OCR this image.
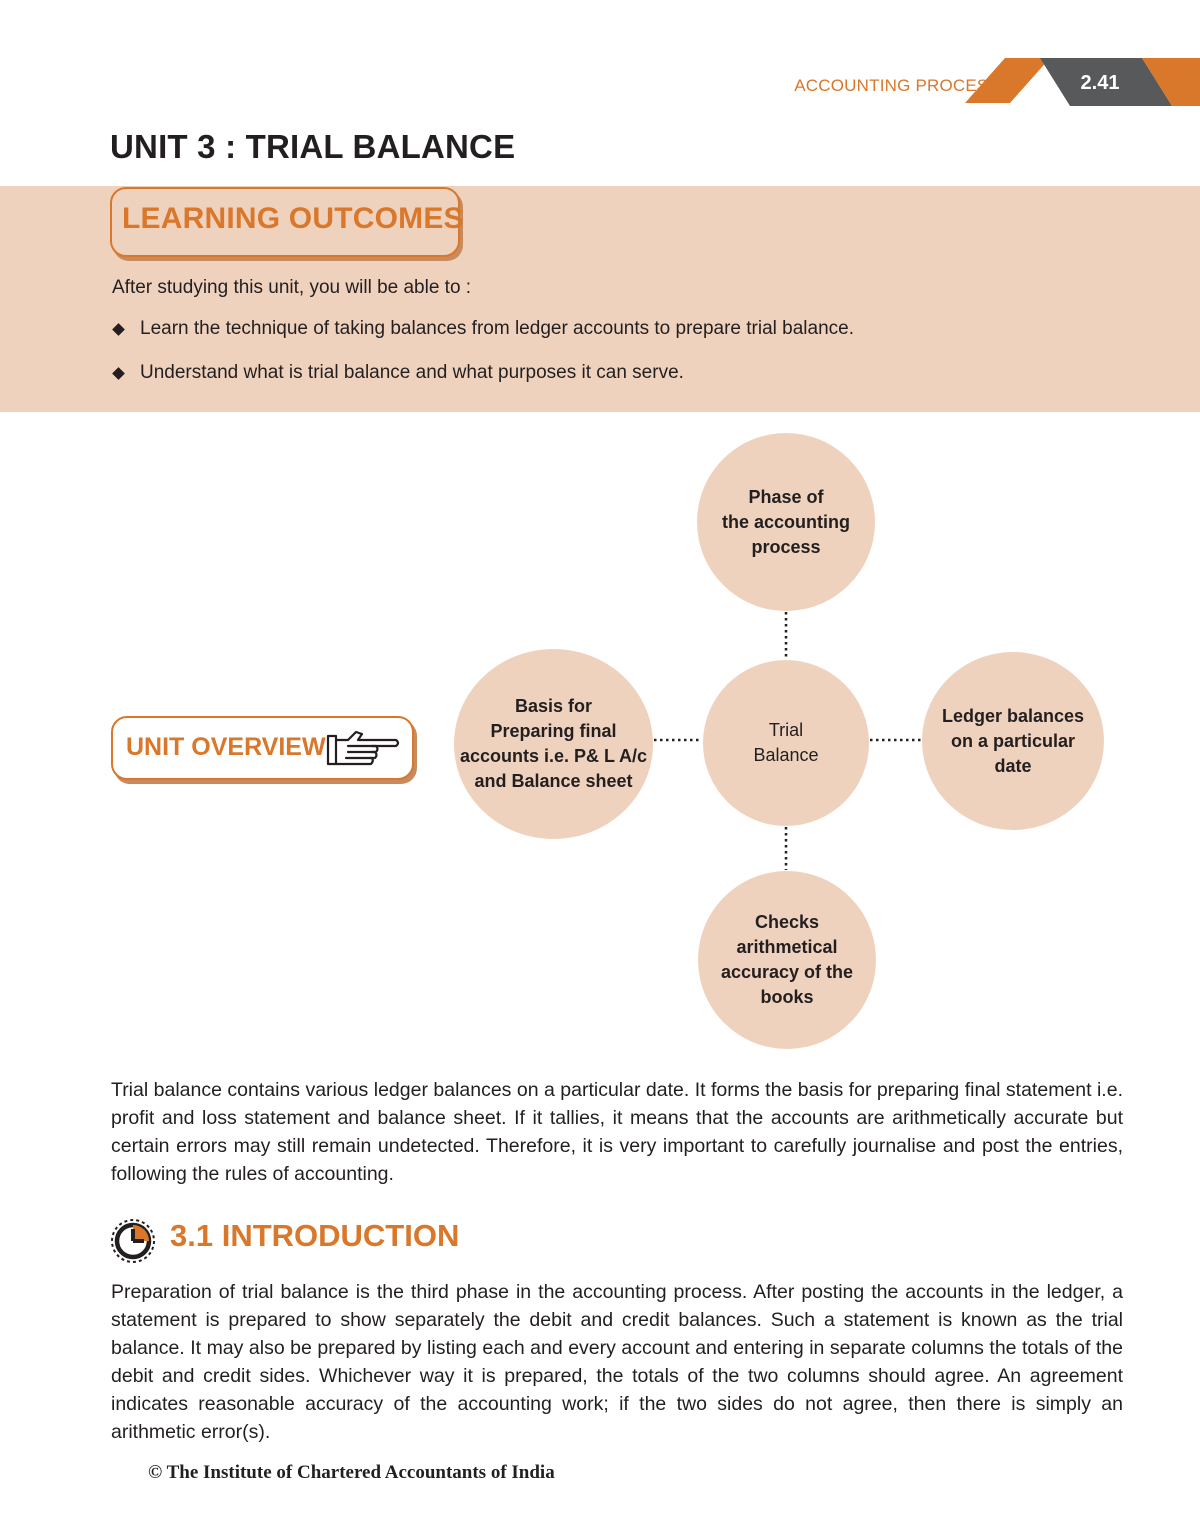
ACCOUNTING PROCESS	2.41
UNIT 3 : TRIAL BALANCE
LEARNING OUTCOMES
After studying this unit, you will be able to :
Learn the technique of taking balances from ledger accounts to prepare trial balance.
Understand what is trial balance and what purposes it can serve.
UNIT OVERVIEW
Phase of
the accounting
process
Basis for
Preparing final
accounts i.e. P& L A/c
and Balance sheet
Trial
Balance
Ledger balances
on a particular
date
Checks
arithmetical
accuracy of the
books
Trial balance contains various ledger balances on a particular date. It forms the basis for preparing final statement i.e. profit and loss statement and balance sheet. If it tallies, it means that the accounts are arithmetically accurate but certain errors may still remain undetected. Therefore, it is very important to carefully journalise and post the entries, following the rules of accounting.
3.1 INTRODUCTION
Preparation of trial balance is the third phase in the accounting process. After posting the accounts in the ledger, a statement is prepared to show separately the debit and credit balances. Such a statement is known as the trial balance. It may also be prepared by listing each and every account and entering in separate columns the totals of the debit and credit sides. Whichever way it is prepared, the totals of the two columns should agree. An agreement indicates reasonable accuracy of the accounting work; if the two sides do not agree, then there is simply an arithmetic error(s).
© The Institute of Chartered Accountants of India
